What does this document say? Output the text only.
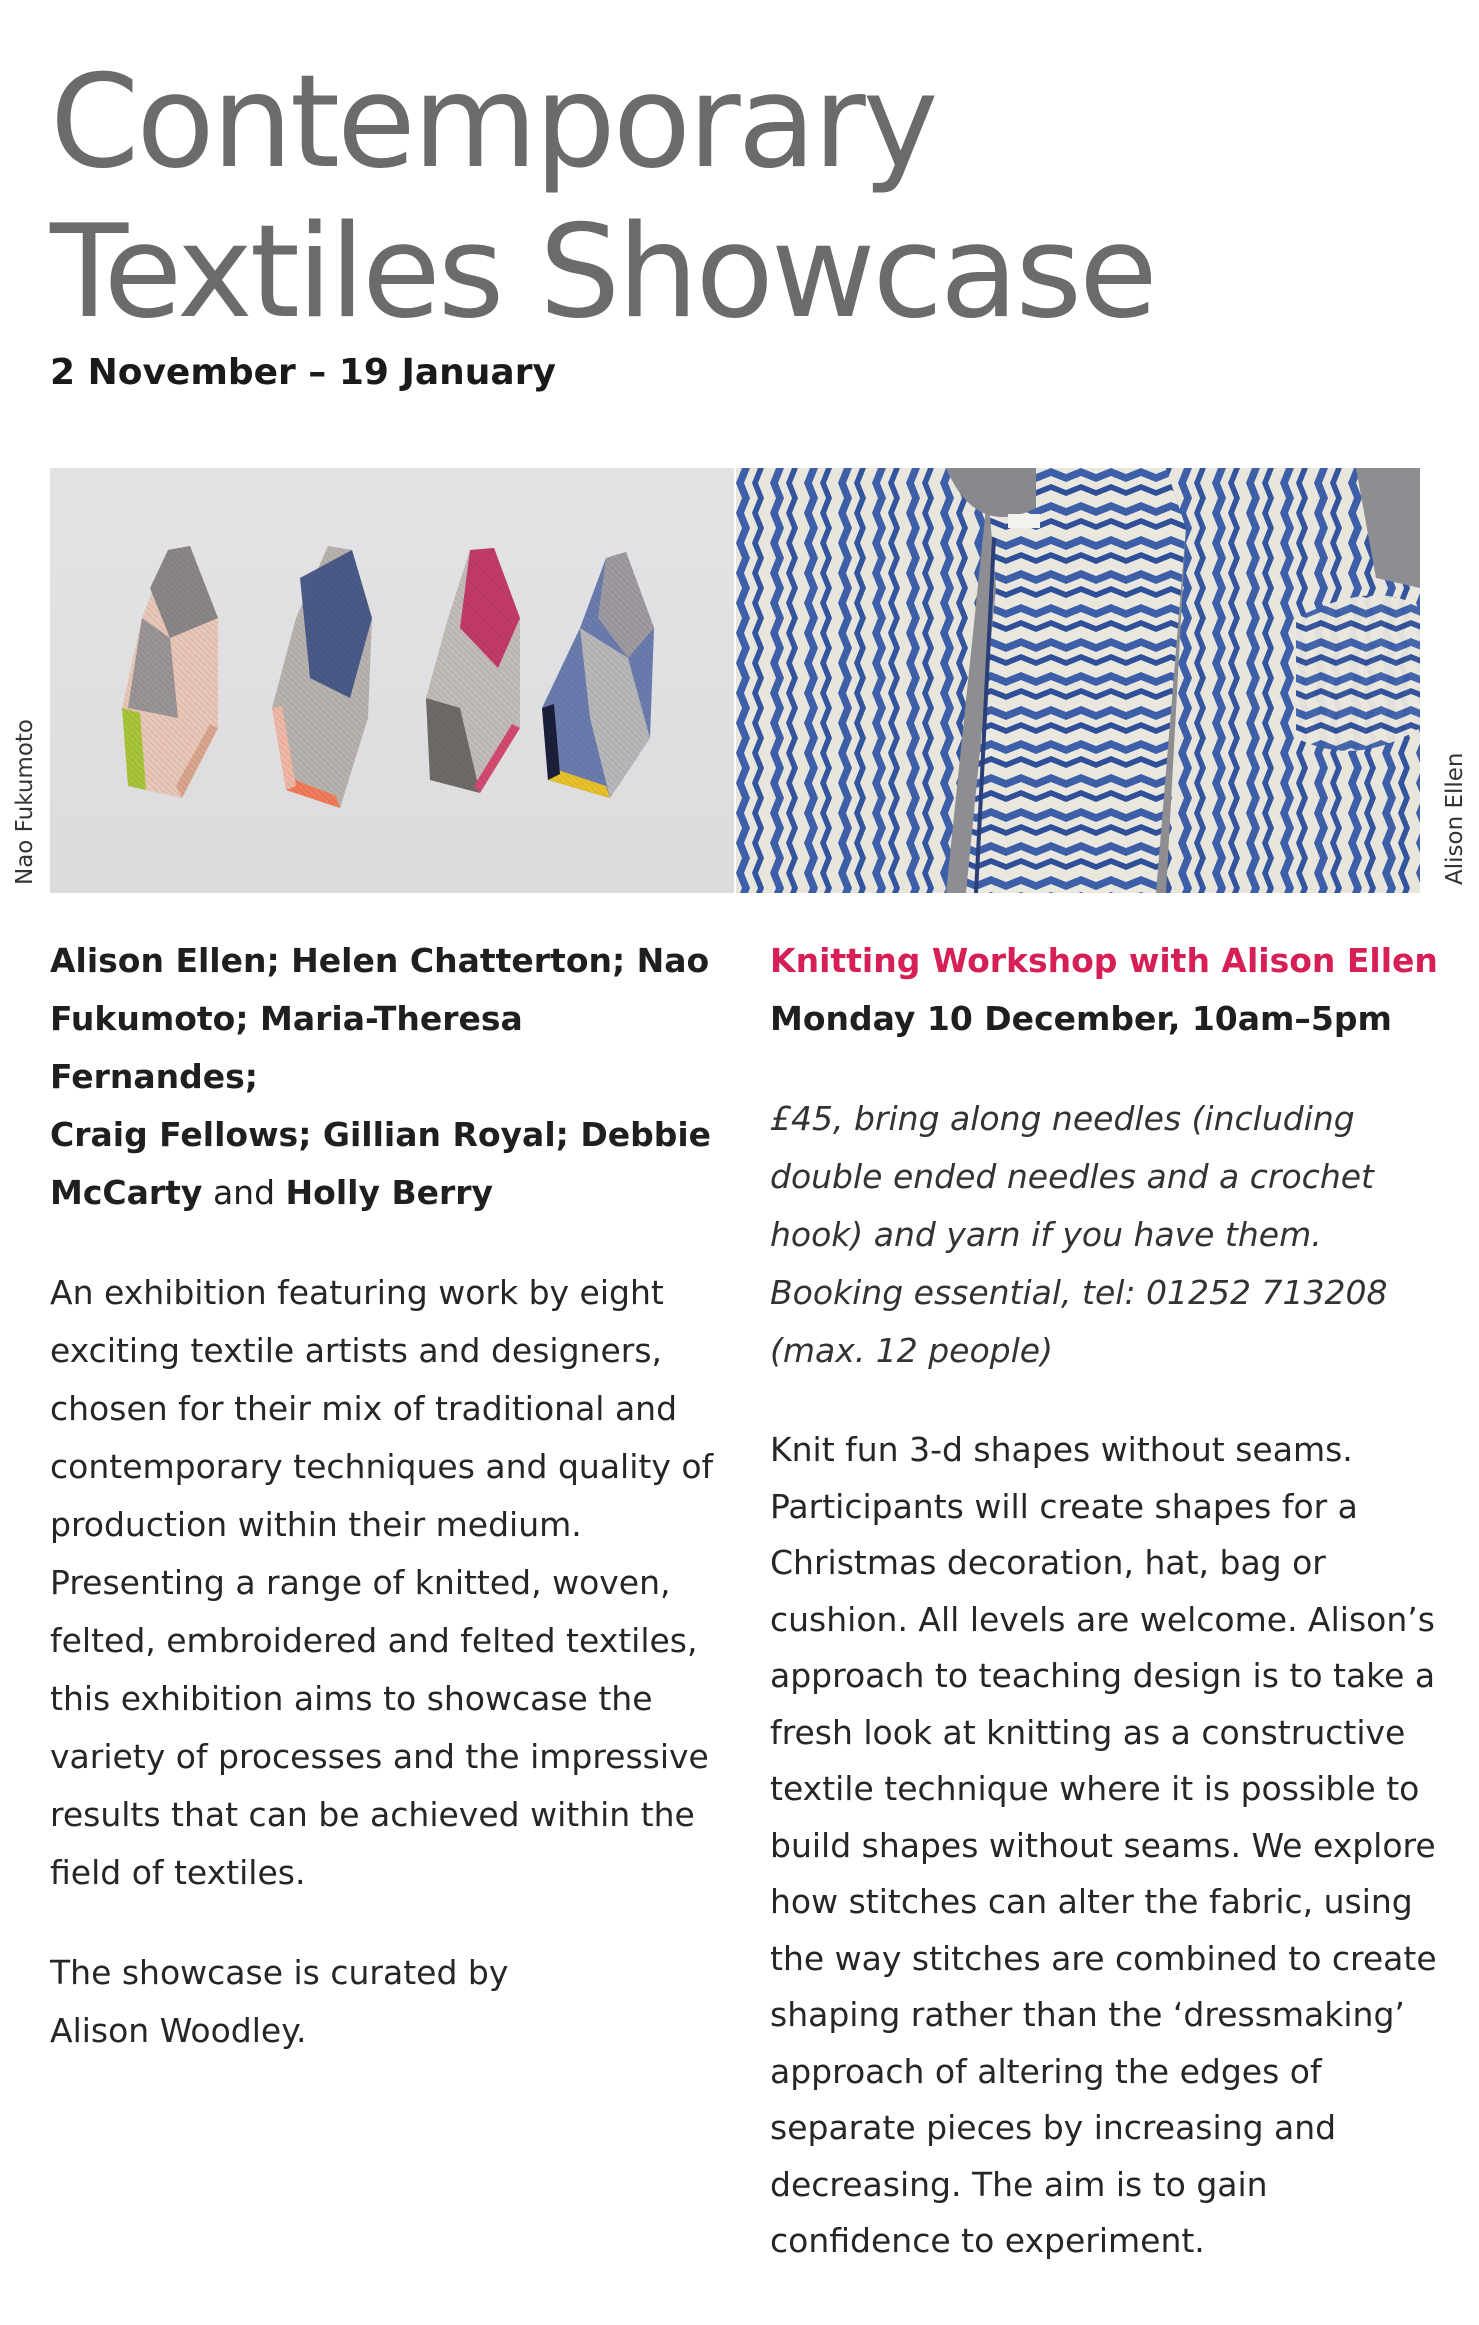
Contemporary
Textiles Showcase
2 November – 19 January
Nao Fukumoto	Alison Ellen

Alison Ellen; Helen Chatterton; Nao
Fukumoto; Maria-Theresa Fernandes;
Craig Fellows; Gillian Royal; Debbie
McCarty and Holly Berry

An exhibition featuring work by eight exciting textile artists and designers, chosen for their mix of traditional and contemporary techniques and quality of production within their medium. Presenting a range of knitted, woven, felted, embroidered and felted textiles, this exhibition aims to showcase the variety of processes and the impressive results that can be achieved within the field of textiles.

The showcase is curated by
Alison Woodley.

Knitting Workshop with Alison Ellen

Monday 10 December, 10am–5pm

£45, bring along needles (including double ended needles and a crochet hook) and yarn if you have them. Booking essential, tel: 01252 713208 (max. 12 people)

Knit fun 3-d shapes without seams. Participants will create shapes for a Christmas decoration, hat, bag or cushion. All levels are welcome. Alison’s approach to teaching design is to take a fresh look at knitting as a constructive textile technique where it is possible to build shapes without seams. We explore how stitches can alter the fabric, using the way stitches are combined to create shaping rather than the ‘dressmaking’ approach of altering the edges of separate pieces by increasing and decreasing. The aim is to gain confidence to experiment.
